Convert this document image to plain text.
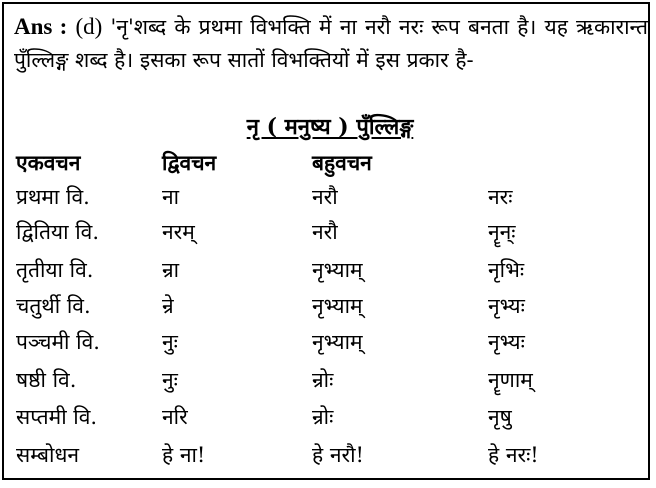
Ans : (d) 'नृ'शब्द के प्रथमा विभक्ति में ना नरौ नरः रूप बनता है। यह ऋकारान्त पुँल्लिङ्ग शब्द है। इसका रूप सातों विभक्तियों में इस प्रकार है-
नृ ( मनुष्य ) पुँल्लिङ्ग
एकवचन	द्विवचन	बहुवचन
प्रथमा वि.	ना	नरौ	नरः
द्वितिया वि.	नरम्	नरौ	नॄन्ः
तृतीया वि.	न्रा	नृभ्याम्	नृभिः
चतुर्थी वि.	न्रे	नृभ्याम्	नृभ्यः
पञ्चमी वि.	नुः	नृभ्याम्	नृभ्यः
षष्ठी वि.	नुः	न्रोः	नॄणाम्
सप्तमी वि.	नरि	न्रोः	नृषु
सम्बोधन	हे ना!	हे नरौ!	हे नरः!
